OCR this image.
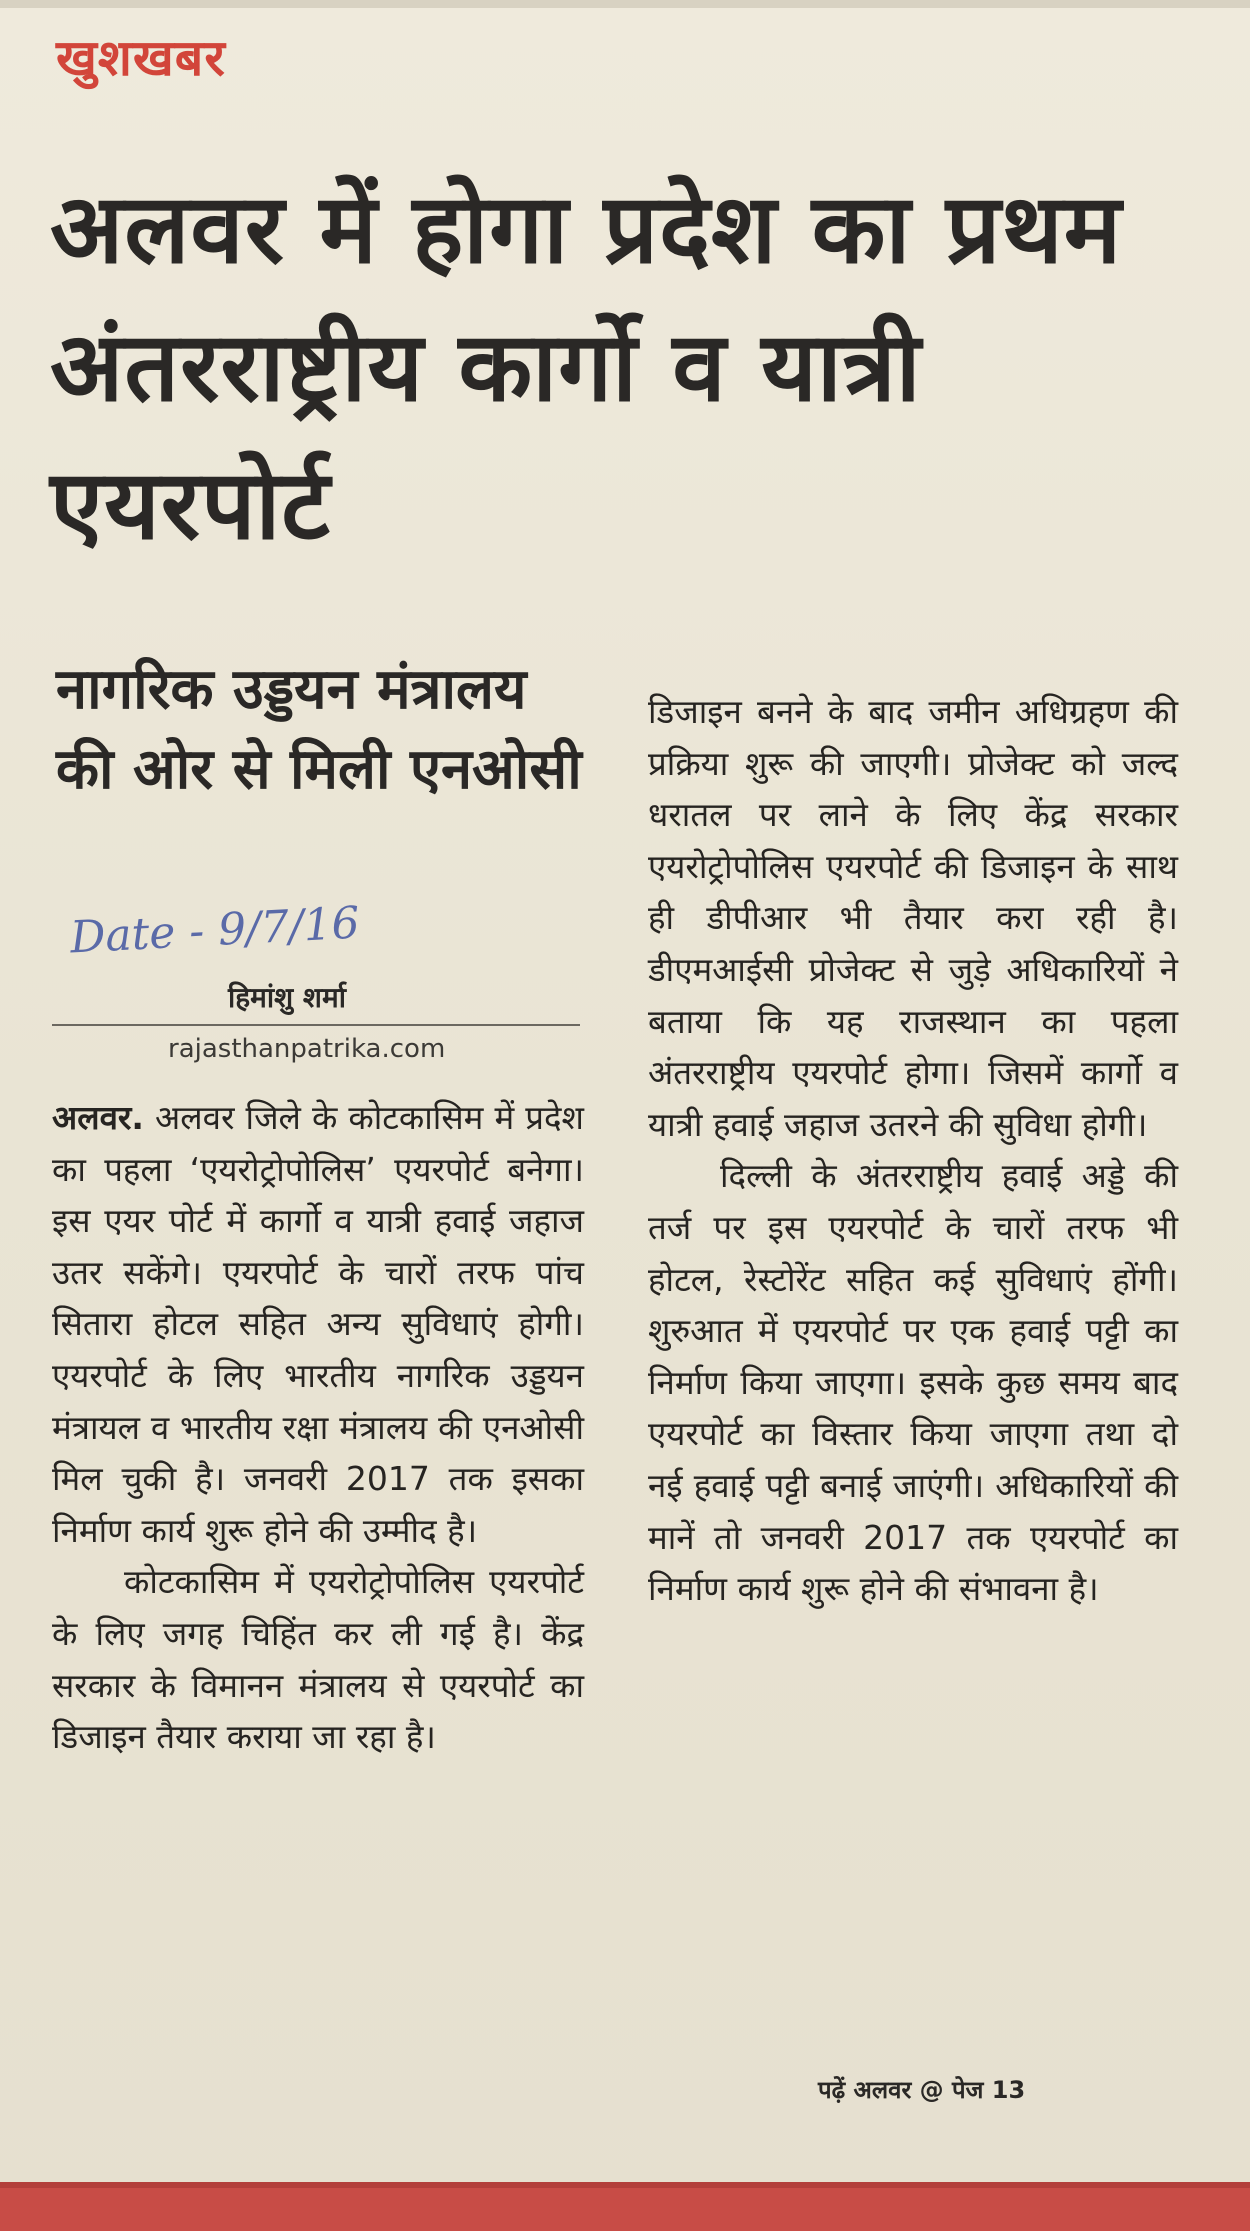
खुशखबर
अलवर में होगा प्रदेश का प्रथम अंतरराष्ट्रीय कार्गो व यात्री एयरपोर्ट
नागरिक उड्डयन मंत्रालय की ओर से मिली एनओसी
Date - 9/7/16
हिमांशु शर्मा
rajasthanpatrika.com

अलवर. अलवर जिले के कोटकासिम में प्रदेश का पहला ‘एयरोट्रोपोलिस’ एयरपोर्ट बनेगा। इस एयर पोर्ट में कार्गो व यात्री हवाई जहाज उतर सकेंगे। एयरपोर्ट के चारों तरफ पांच सितारा होटल सहित अन्य सुविधाएं होगी। एयरपोर्ट के लिए भारतीय नागरिक उड्डयन मंत्रायल व भारतीय रक्षा मंत्रालय की एनओसी मिल चुकी है। जनवरी 2017 तक इसका निर्माण कार्य शुरू होने की उम्मीद है।

कोटकासिम में एयरोट्रोपोलिस एयरपोर्ट के लिए जगह चिहिंत कर ली गई है। केंद्र सरकार के विमानन मंत्रालय से एयरपोर्ट का डिजाइन तैयार कराया जा रहा है।

डिजाइन बनने के बाद जमीन अधिग्रहण की प्रक्रिया शुरू की जाएगी। प्रोजेक्ट को जल्द धरातल पर लाने के लिए केंद्र सरकार एयरोट्रोपोलिस एयरपोर्ट की डिजाइन के साथ ही डीपीआर भी तैयार करा रही है। डीएमआईसी प्रोजेक्ट से जुड़े अधिकारियों ने बताया कि यह राजस्थान का पहला अंतरराष्ट्रीय एयरपोर्ट होगा। जिसमें कार्गो व यात्री हवाई जहाज उतरने की सुविधा होगी।

दिल्ली के अंतरराष्ट्रीय हवाई अड्डे की तर्ज पर इस एयरपोर्ट के चारों तरफ भी होटल, रेस्टोरेंट सहित कई सुविधाएं होंगी। शुरुआत में एयरपोर्ट पर एक हवाई पट्टी का निर्माण किया जाएगा। इसके कुछ समय बाद एयरपोर्ट का विस्तार किया जाएगा तथा दो नई हवाई पट्टी बनाई जाएंगी। अधिकारियों की मानें तो जनवरी 2017 तक एयरपोर्ट का निर्माण कार्य शुरू होने की संभावना है।

पढ़ें अलवर @ पेज 13
